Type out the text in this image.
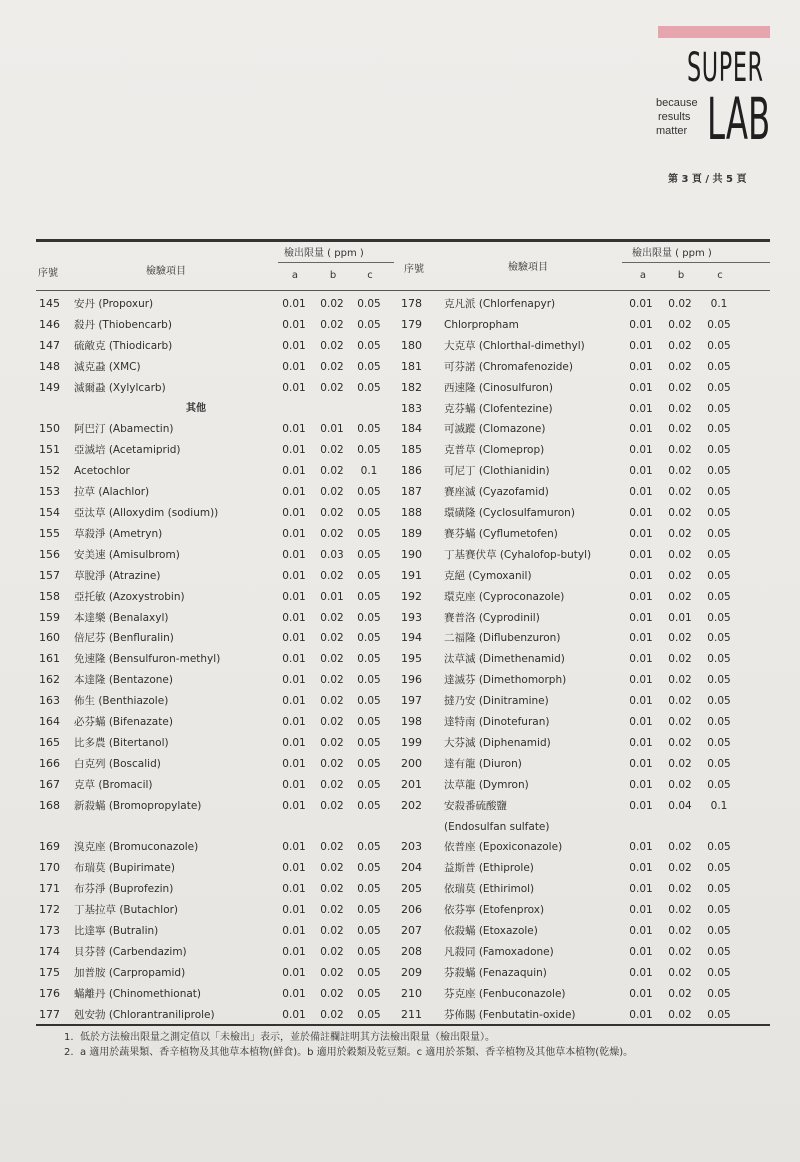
SUPER
LAB
because
results
matter
第 3 頁 / 共 5 頁
序號	檢驗項目
檢出限量 ( ppm )
a	b	c
序號	檢驗項目
檢出限量 ( ppm )
a	b	c
145 安丹 (Propoxur)	0.01	0.02	0.05
146 殺丹 (Thiobencarb)	0.01	0.02	0.05
147 硫敵克 (Thiodicarb)	0.01	0.02	0.05
148 滅克蝨 (XMC)	0.01	0.02	0.05
149 滅爾蝨 (Xylylcarb)	0.01	0.02	0.05
其他
150 阿巴汀 (Abamectin)	0.01	0.01	0.05
151 亞滅培 (Acetamiprid)	0.01	0.02	0.05
152 Acetochlor	0.01	0.02	0.1
153 拉草 (Alachlor)	0.01	0.02	0.05
154 亞汰草 (Alloxydim (sodium))	0.01	0.02	0.05
155 草殺淨 (Ametryn)	0.01	0.02	0.05
156 安美速 (Amisulbrom)	0.01	0.03	0.05
157 草脫淨 (Atrazine)	0.01	0.02	0.05
158 亞托敏 (Azoxystrobin)	0.01	0.01	0.05
159 本達樂 (Benalaxyl)	0.01	0.02	0.05
160 倍尼芬 (Benfluralin)	0.01	0.02	0.05
161 免速隆 (Bensulfuron-methyl)	0.01	0.02	0.05
162 本達隆 (Bentazone)	0.01	0.02	0.05
163 佈生 (Benthiazole)	0.01	0.02	0.05
164 必芬蟎 (Bifenazate)	0.01	0.02	0.05
165 比多農 (Bitertanol)	0.01	0.02	0.05
166 白克列 (Boscalid)	0.01	0.02	0.05
167 克草 (Bromacil)	0.01	0.02	0.05
168 新殺蟎 (Bromopropylate)	0.01	0.02	0.05
169 溴克座 (Bromuconazole)	0.01	0.02	0.05
170 布瑞莫 (Bupirimate)	0.01	0.02	0.05
171 布芬淨 (Buprofezin)	0.01	0.02	0.05
172 丁基拉草 (Butachlor)	0.01	0.02	0.05
173 比達寧 (Butralin)	0.01	0.02	0.05
174 貝芬替 (Carbendazim)	0.01	0.02	0.05
175 加普胺 (Carpropamid)	0.01	0.02	0.05
176 蟎離丹 (Chinomethionat)	0.01	0.02	0.05
177 剋安勃 (Chlorantraniliprole)	0.01	0.02	0.05
178 克凡派 (Chlorfenapyr)	0.01	0.02	0.1
179 Chlorpropham	0.01	0.02	0.05
180 大克草 (Chlorthal-dimethyl)	0.01	0.02	0.05
181 可芬諾 (Chromafenozide)	0.01	0.02	0.05
182 西速隆 (Cinosulfuron)	0.01	0.02	0.05
183 克芬蟎 (Clofentezine)	0.01	0.02	0.05
184 可滅蹤 (Clomazone)	0.01	0.02	0.05
185 克普草 (Clomeprop)	0.01	0.02	0.05
186 可尼丁 (Clothianidin)	0.01	0.02	0.05
187 賽座滅 (Cyazofamid)	0.01	0.02	0.05
188 環磺隆 (Cyclosulfamuron)	0.01	0.02	0.05
189 賽芬蟎 (Cyflumetofen)	0.01	0.02	0.05
190 丁基賽伏草 (Cyhalofop-butyl)	0.01	0.02	0.05
191 克絕 (Cymoxanil)	0.01	0.02	0.05
192 環克座 (Cyproconazole)	0.01	0.02	0.05
193 賽普洛 (Cyprodinil)	0.01	0.01	0.05
194 二福隆 (Diflubenzuron)	0.01	0.02	0.05
195 汰草滅 (Dimethenamid)	0.01	0.02	0.05
196 達滅芬 (Dimethomorph)	0.01	0.02	0.05
197 撻乃安 (Dinitramine)	0.01	0.02	0.05
198 達特南 (Dinotefuran)	0.01	0.02	0.05
199 大芬滅 (Diphenamid)	0.01	0.02	0.05
200 達有龍 (Diuron)	0.01	0.02	0.05
201 汰草龍 (Dymron)	0.01	0.02	0.05
202 安殺番硫酸鹽	0.01	0.04	0.1
(Endosulfan sulfate)
203 依普座 (Epoxiconazole)	0.01	0.02	0.05
204 益斯普 (Ethiprole)	0.01	0.02	0.05
205 依瑞莫 (Ethirimol)	0.01	0.02	0.05
206 依芬寧 (Etofenprox)	0.01	0.02	0.05
207 依殺蟎 (Etoxazole)	0.01	0.02	0.05
208 凡殺同 (Famoxadone)	0.01	0.02	0.05
209 芬殺蟎 (Fenazaquin)	0.01	0.02	0.05
210 芬克座 (Fenbuconazole)	0.01	0.02	0.05
211 芬佈賜 (Fenbutatin-oxide)	0.01	0.02	0.05
1. 低於方法檢出限量之測定值以「未檢出」表示，並於備註欄註明其方法檢出限量（檢出限量）。
2. a 適用於蔬果類、香辛植物及其他草本植物(鮮食)。b 適用於穀類及乾豆類。c 適用於茶類、香辛植物及其他草本植物(乾燥)。
